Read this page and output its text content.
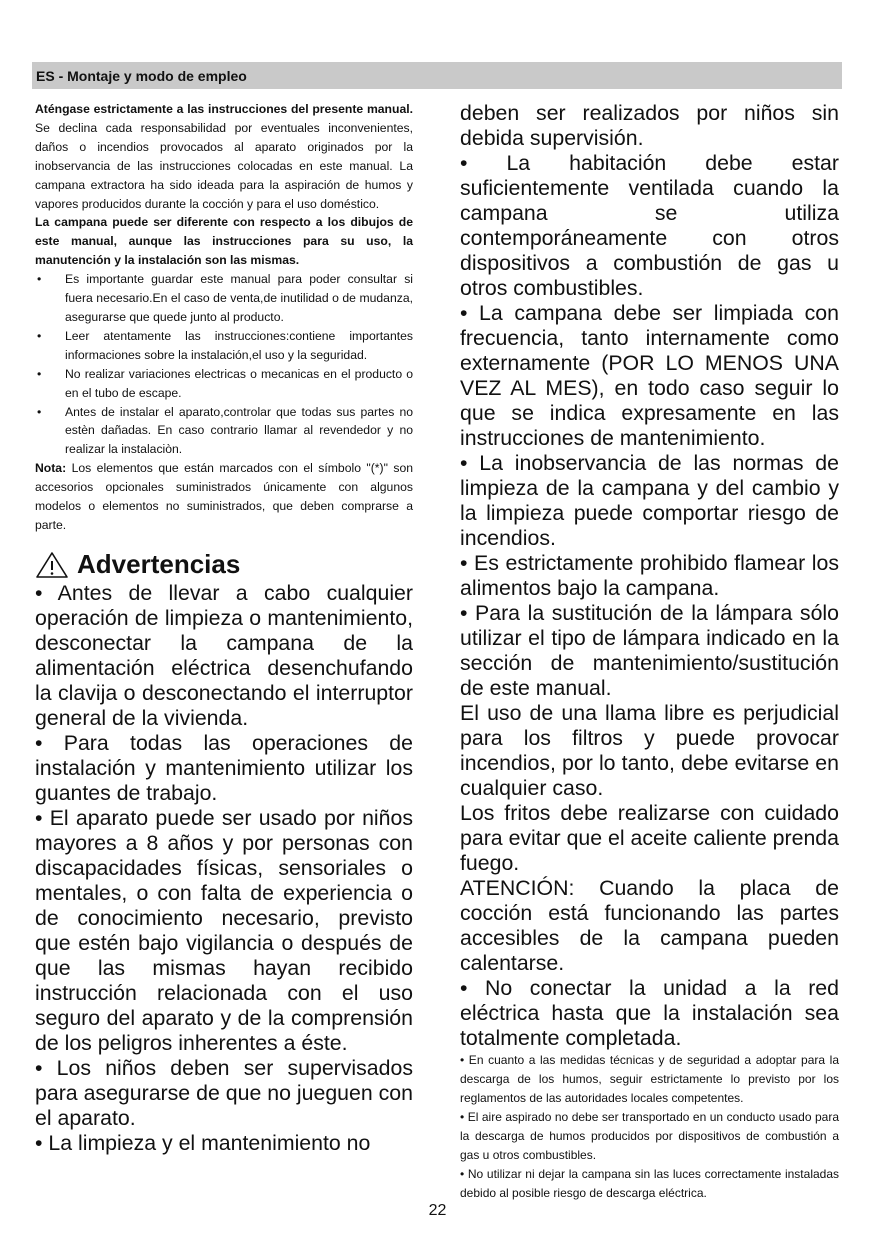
ES - Montaje y modo de empleo

Aténgase estrictamente a las instrucciones del presente manual. Se declina cada responsabilidad por eventuales inconvenientes, daños o incendios provocados al aparato originados por la inobservancia de las instrucciones colocadas en este manual. La campana extractora ha sido ideada para la aspiración de humos y vapores producidos durante la cocción y para el uso doméstico.

La campana puede ser diferente con respecto a los dibujos de este manual, aunque las instrucciones para su uso, la manutención y la instalación son las mismas.

• Es importante guardar este manual para poder consultar si fuera necesario.En el caso de venta,de inutilidad o de mudanza, asegurarse que quede junto al producto.
• Leer atentamente las instrucciones:contiene importantes informaciones sobre la instalación,el uso y la seguridad.
• No realizar variaciones electricas o mecanicas en el producto o en el tubo de escape.
• Antes de instalar el aparato,controlar que todas sus partes no estèn dañadas. En caso contrario llamar al revendedor y no realizar la instalaciòn.

Nota: Los elementos que están marcados con el símbolo "(*)" son accesorios opcionales suministrados únicamente con algunos modelos o elementos no suministrados, que deben comprarse a parte.

Advertencias

• Antes de llevar a cabo cualquier operación de limpieza o mantenimiento, desconectar la campana de la alimentación eléctrica desenchufando la clavija o desconectando el interruptor general de la vivienda.

• Para todas las operaciones de instalación y mantenimiento utilizar los guantes de trabajo.

• El aparato puede ser usado por niños mayores a 8 años y por personas con discapacidades físicas, sensoriales o mentales, o con falta de experiencia o de conocimiento necesario, previsto que estén bajo vigilancia o después de que las mismas hayan recibido instrucción relacionada con el uso seguro del aparato y de la comprensión de los peligros inherentes a éste.

• Los niños deben ser supervisados para asegurarse de que no jueguen con el aparato.

• La limpieza y el mantenimiento no

deben ser realizados por niños sin debida supervisión.

• La habitación debe estar suficientemente ventilada cuando la campana se utiliza contemporáneamente con otros dispositivos a combustión de gas u otros combustibles.

• La campana debe ser limpiada con frecuencia, tanto internamente como externamente (POR LO MENOS UNA VEZ AL MES), en todo caso seguir lo que se indica expresamente en las instrucciones de mantenimiento.

• La inobservancia de las normas de limpieza de la campana y del cambio y la limpieza puede comportar riesgo de incendios.

• Es estrictamente prohibido flamear los alimentos bajo la campana.

• Para la sustitución de la lámpara sólo utilizar el tipo de lámpara indicado en la sección de mantenimiento/sustitución de este manual.

El uso de una llama libre es perjudicial para los filtros y puede provocar incendios, por lo tanto, debe evitarse en cualquier caso.

Los fritos debe realizarse con cuidado para evitar que el aceite caliente prenda fuego.

ATENCIÓN: Cuando la placa de cocción está funcionando las partes accesibles de la campana pueden calentarse.

• No conectar la unidad a la red eléctrica hasta que la instalación sea totalmente completada.

• En cuanto a las medidas técnicas y de seguridad a adoptar para la descarga de los humos, seguir estrictamente lo previsto por los reglamentos de las autoridades locales competentes.

• El aire aspirado no debe ser transportado en un conducto usado para la descarga de humos producidos por dispositivos de combustión a gas u otros combustibles.

• No utilizar ni dejar la campana sin las luces correctamente instaladas debido al posible riesgo de descarga eléctrica.

22
